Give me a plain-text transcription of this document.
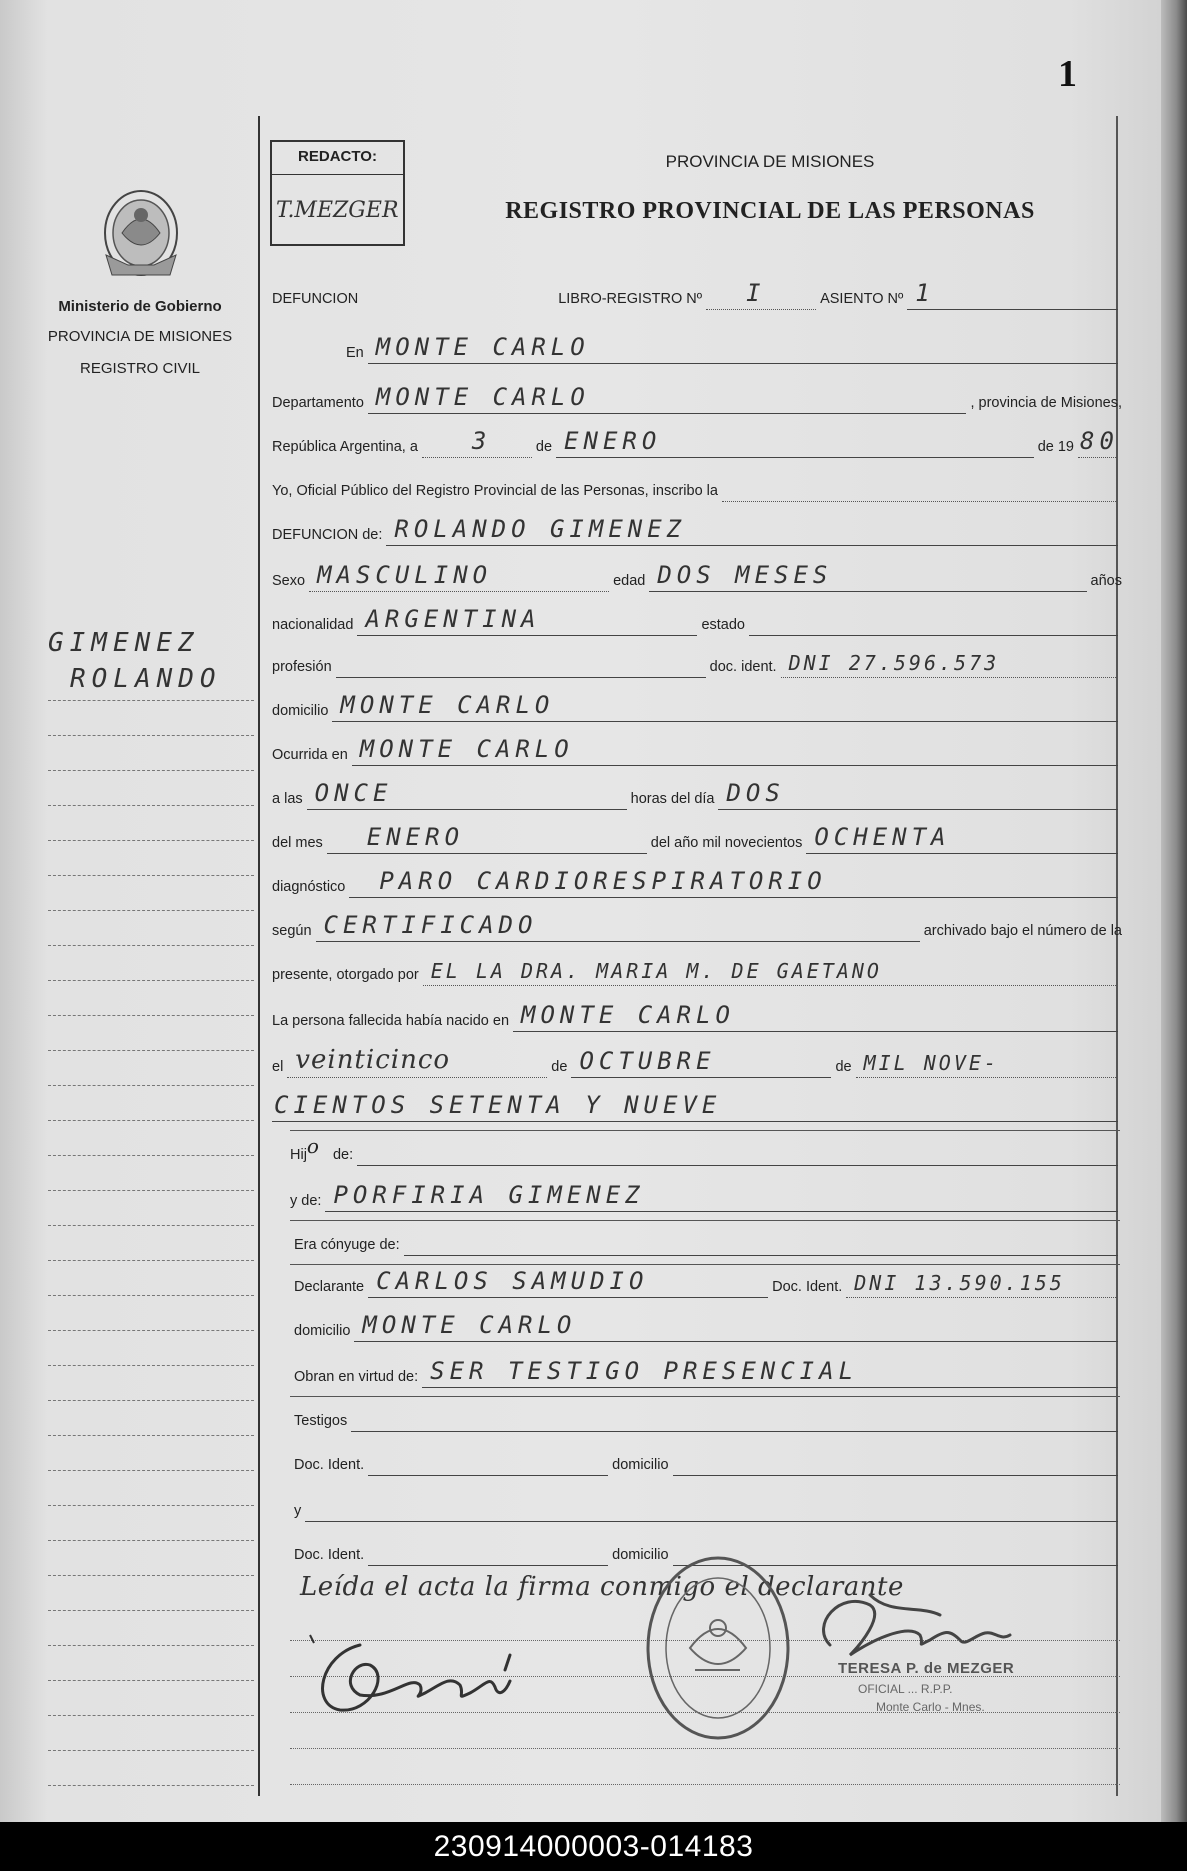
1
Ministerio de Gobierno
PROVINCIA DE MISIONES
REGISTRO CIVIL
GIMENEZ
ROLANDO
REDACTO:
T.MEZGER
PROVINCIA DE MISIONES
REGISTRO PROVINCIAL DE LAS PERSONAS
DEFUNCION	LIBRO-REGISTRO Nº I	ASIENTO Nº 1
En MONTE CARLO
Departamento MONTE CARLO	, provincia de Misiones,
República Argentina, a 3	de ENERO	de 19 80
Yo, Oficial Público del Registro Provincial de las Personas, inscribo la
DEFUNCION de: ROLANDO GIMENEZ
Sexo MASCULINO	edad DOS MESES	años
nacionalidad ARGENTINA	estado
profesión	doc. ident. DNI 27.596.573
domicilio MONTE CARLO
Ocurrida en MONTE CARLO
a las ONCE	horas del día DOS
del mes ENERO	del año mil novecientos OCHENTA
diagnóstico PARO CARDIORESPIRATORIO
según CERTIFICADO	archivado bajo el número de la
presente, otorgado por EL LA DRA. MARIA M. DE GAETANO
La persona fallecida había nacido en MONTE CARLO
el veinticinco	de OCTUBRE	de MIL NOVE-
CIENTOS SETENTA Y NUEVE
Hij o de:
y de: PORFIRIA GIMENEZ
Era cónyuge de:
Declarante CARLOS SAMUDIO	Doc. Ident. DNI 13.590.155
domicilio MONTE CARLO
Obran en virtud de: SER TESTIGO PRESENCIAL
Testigos
Doc. Ident.	domicilio
y
Doc. Ident.	domicilio
Leída el acta la firma conmigo el declarante
TERESA P. de MEZGER
OFICIAL ... R.P.P.
Monte Carlo - Mnes.
230914000003-014183
